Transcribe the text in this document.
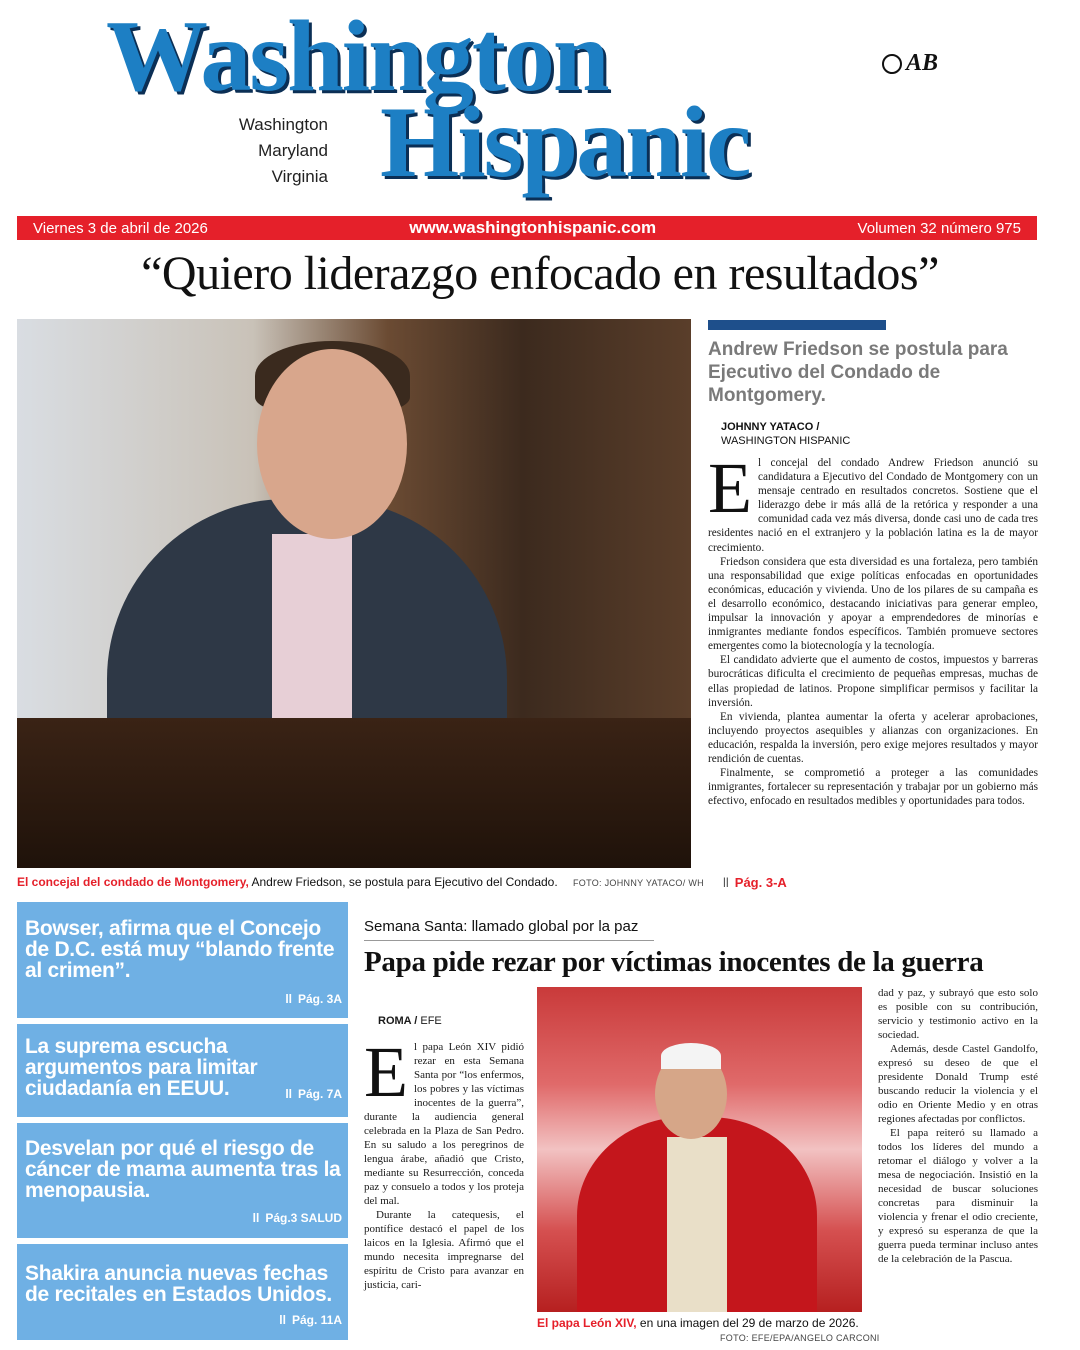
Washington
Hispanic
Washington
Maryland
Virginia
AB
Viernes 3 de abril de 2026	www.washingtonhispanic.com	Volumen 32 número 975
“Quiero liderazgo enfocado en resultados”
El concejal del condado de Montgomery, Andrew Friedson, se postula para Ejecutivo del Condado. FOTO: JOHNNY YATACO/ WH
Andrew Friedson se postula para Ejecutivo del Condado de Montgomery.
JOHNNY YATACO /
WASHINGTON HISPANIC
E l concejal del condado Andrew Friedson anunció su candidatura a Ejecutivo del Condado de Montgomery con un mensaje centrado en resultados concretos. Sostiene que el liderazgo debe ir más allá de la retórica y responder a una comunidad cada vez más diversa, donde casi uno de cada tres residentes nació en el extranjero y la población latina es la de mayor crecimiento.

Friedson considera que esta diversidad es una fortaleza, pero también una responsabilidad que exige políticas enfocadas en oportunidades económicas, educación y vivienda. Uno de los pilares de su campaña es el desarrollo económico, destacando iniciativas para generar empleo, impulsar la innovación y apoyar a emprendedores de minorías e inmigrantes mediante fondos específicos. También promueve sectores emergentes como la biotecnología y la tecnología.

El candidato advierte que el aumento de costos, impuestos y barreras burocráticas dificulta el crecimiento de pequeñas empresas, muchas de ellas propiedad de latinos. Propone simplificar permisos y facilitar la inversión.

En vivienda, plantea aumentar la oferta y acelerar aprobaciones, incluyendo proyectos asequibles y alianzas con organizaciones. En educación, respalda la inversión, pero exige mejores resultados y mayor rendición de cuentas.

Finalmente, se comprometió a proteger a las comunidades inmigrantes, fortalecer su representación y trabajar por un gobierno más efectivo, enfocado en resultados medibles y oportunidades para todos.

ll Pág. 3-A
Bowser, afirma que el Concejo de D.C. está muy “blando frente al crimen”.
ll Pág. 3A
La suprema escucha argumentos para limitar ciudadanía en EEUU.	ll Pág. 7A
Desvelan por qué el riesgo de cáncer de mama aumenta tras la menopausia.
ll Pág.3 SALUD
Shakira anuncia nuevas fechas de recitales en Estados Unidos.
ll Pág. 11A
Semana Santa: llamado global por la paz
Papa pide rezar por víctimas inocentes de la guerra
ROMA / EFE
E l papa León XIV pidió rezar en esta Semana Santa por “los enfermos, los pobres y las víctimas inocentes de la guerra”, durante la audiencia general celebrada en la Plaza de San Pedro. En su saludo a los peregrinos de lengua árabe, añadió que Cristo, mediante su Resurrección, conceda paz y consuelo a todos y los proteja del mal.

Durante la catequesis, el pontífice destacó el papel de los laicos en la Iglesia. Afirmó que el mundo necesita impregnarse del espíritu de Cristo para avanzar en justicia, cari-

El papa León XIV, en una imagen del 29 de marzo de 2026.
FOTO: EFE/EPA/ANGELO CARCONI

dad y paz, y subrayó que esto solo es posible con su contribución, servicio y testimonio activo en la sociedad.

Además, desde Castel Gandolfo, expresó su deseo de que el presidente Donald Trump esté buscando reducir la violencia y el odio en Oriente Medio y en otras regiones afectadas por conflictos.

El papa reiteró su llamado a todos los líderes del mundo a retomar el diálogo y volver a la mesa de negociación. Insistió en la necesidad de buscar soluciones concretas para disminuir la violencia y frenar el odio creciente, y expresó su esperanza de que la guerra pueda terminar incluso antes de la celebración de la Pascua.
